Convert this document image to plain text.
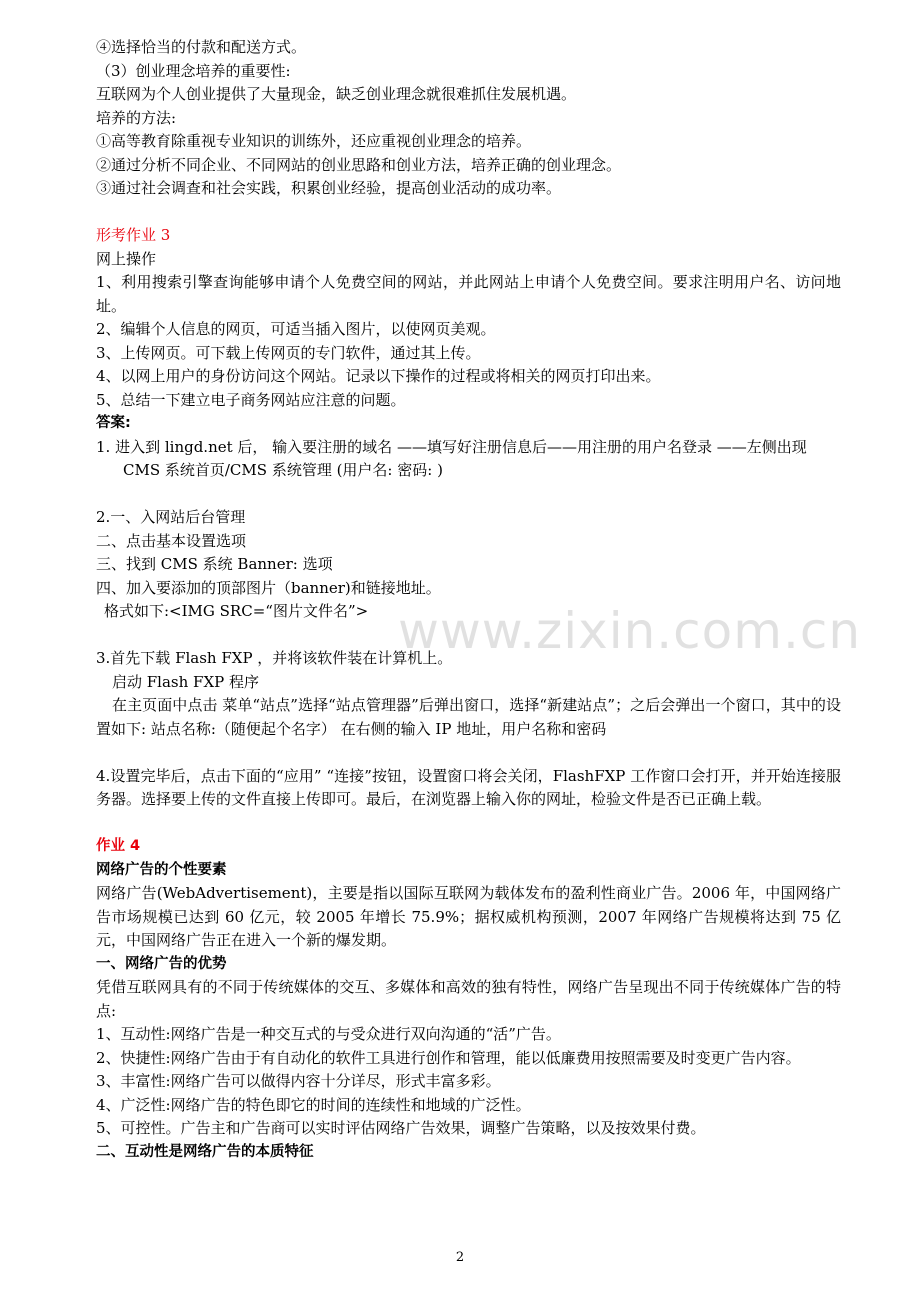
④选择恰当的付款和配送方式。

（3）创业理念培养的重要性:

互联网为个人创业提供了大量现金，缺乏创业理念就很难抓住发展机遇。

培养的方法:

①高等教育除重视专业知识的训练外，还应重视创业理念的培养。

②通过分析不同企业、不同网站的创业思路和创业方法，培养正确的创业理念。

③通过社会调查和社会实践，积累创业经验，提高创业活动的成功率。

形考作业 3

网上操作

1、利用搜索引擎查询能够申请个人免费空间的网站，并此网站上申请个人免费空间。要求注明用户名、访问地址。

2、编辑个人信息的网页，可适当插入图片，以使网页美观。

3、上传网页。可下载上传网页的专门软件，通过其上传。

4、以网上用户的身份访问这个网站。记录以下操作的过程或将相关的网页打印出来。

5、总结一下建立电子商务网站应注意的问题。

答案:

1. 进入到 lingd.net 后， 输入要注册的域名 ——填写好注册信息后——用注册的用户名登录 ——左侧出现 CMS 系统首页/CMS 系统管理 (用户名: 密码: )

2.一、入网站后台管理

二、点击基本设置选项

三、找到 CMS 系统 Banner: 选项

四、加入要添加的顶部图片（banner)和链接地址。

格式如下:<IMG SRC=“图片文件名”>

3.首先下载 Flash FXP ，并将该软件装在计算机上。

启动 Flash FXP 程序

在主页面中点击 菜单“站点”选择“站点管理器”后弹出窗口，选择“新建站点”；之后会弹出一个窗口，其中的设置如下: 站点名称:（随便起个名字） 在右侧的输入 IP 地址，用户名称和密码

4.设置完毕后，点击下面的“应用” “连接”按钮，设置窗口将会关闭，FlashFXP 工作窗口会打开，并开始连接服务器。选择要上传的文件直接上传即可。最后，在浏览器上输入你的网址，检验文件是否已正确上载。

作业 4

网络广告的个性要素

网络广告(WebAdvertisement)，主要是指以国际互联网为载体发布的盈利性商业广告。2006 年，中国网络广告市场规模已达到 60 亿元，较 2005 年增长 75.9%；据权威机构预测，2007 年网络广告规模将达到 75 亿元，中国网络广告正在进入一个新的爆发期。

一、网络广告的优势

凭借互联网具有的不同于传统媒体的交互、多媒体和高效的独有特性，网络广告呈现出不同于传统媒体广告的特点:

1、互动性:网络广告是一种交互式的与受众进行双向沟通的“活”广告。

2、快捷性:网络广告由于有自动化的软件工具进行创作和管理，能以低廉费用按照需要及时变更广告内容。

3、丰富性:网络广告可以做得内容十分详尽，形式丰富多彩。

4、广泛性:网络广告的特色即它的时间的连续性和地域的广泛性。

5、可控性。广告主和广告商可以实时评估网络广告效果，调整广告策略，以及按效果付费。

二、互动性是网络广告的本质特征

www.zixin.com.cn
2
